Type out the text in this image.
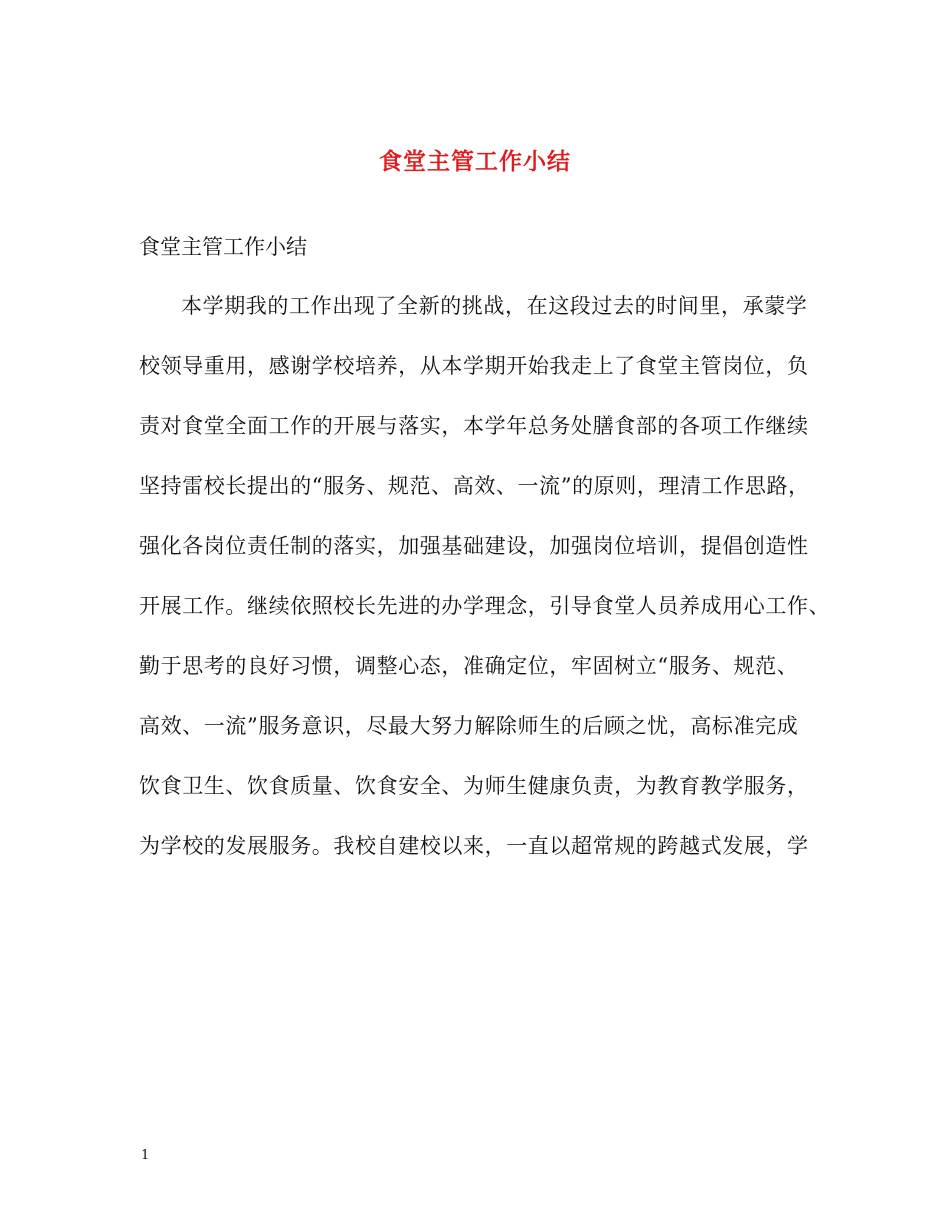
食堂主管工作小结

食堂主管工作小结

本学期我的工作出现了全新的挑战，在这段过去的时间里，承蒙学
校领导重用，感谢学校培养，从本学期开始我走上了食堂主管岗位，负
责对食堂全面工作的开展与落实，本学年总务处膳食部的各项工作继续
坚持雷校长提出的“服务、规范、高效、一流”的原则，理清工作思路，
强化各岗位责任制的落实，加强基础建设，加强岗位培训，提倡创造性
开展工作。继续依照校长先进的办学理念，引导食堂人员养成用心工作、
勤于思考的良好习惯，调整心态，准确定位，牢固树立“服务、规范、
高效、一流”服务意识，尽最大努力解除师生的后顾之忧，高标准完成
饮食卫生、饮食质量、饮食安全、为师生健康负责，为教育教学服务，
为学校的发展服务。我校自建校以来，一直以超常规的跨越式发展，学

1
